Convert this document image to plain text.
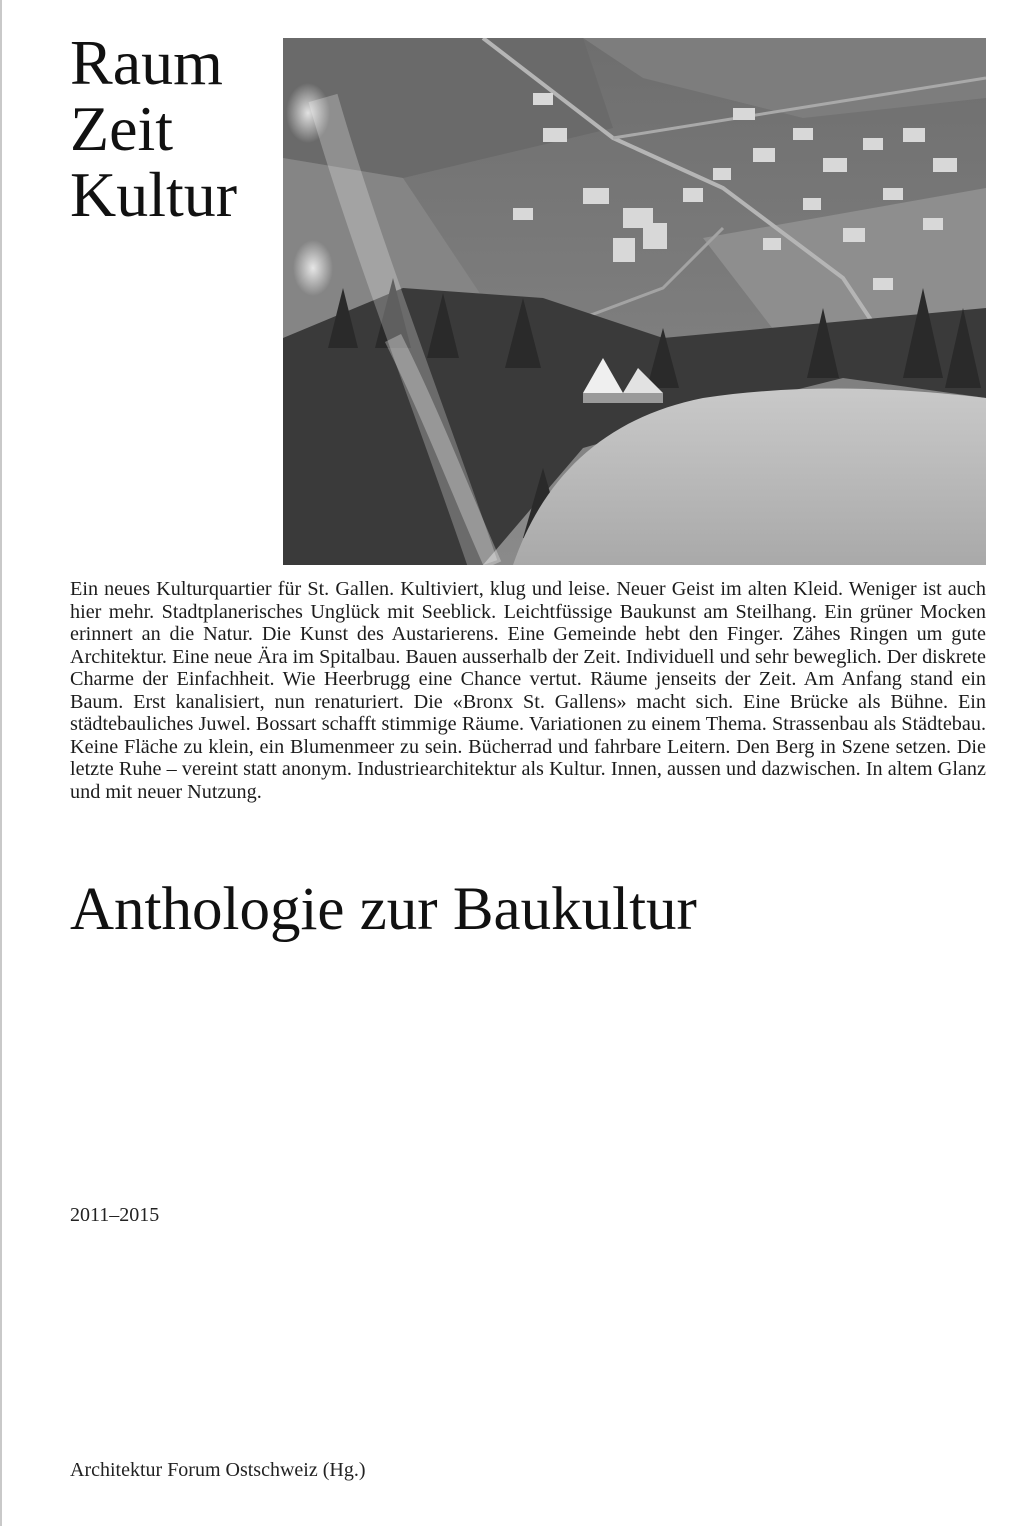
Raum
Zeit
Kultur

Ein neues Kulturquartier für St. Gallen. Kultiviert, klug und leise. Neuer Geist im alten Kleid. Weniger ist auch hier mehr. Stadtplanerisches Unglück mit Seeblick. Leichtfüssige Baukunst am Steilhang. Ein grüner Mocken erinnert an die Natur. Die Kunst des Austarierens. Eine Gemeinde hebt den Finger. Zähes Ringen um gute Architektur. Eine neue Ära im Spitalbau. Bauen ausserhalb der Zeit. Individuell und sehr beweglich. Der diskrete Charme der Einfachheit. Wie Heerbrugg eine Chance vertut. Räume jenseits der Zeit. Am Anfang stand ein Baum. Erst kanalisiert, nun renaturiert. Die «Bronx St. Gallens» macht sich. Eine Brücke als Bühne. Ein städtebauliches Juwel. Bossart schafft stimmige Räume. Variationen zu einem Thema. Strassenbau als Städtebau. Keine Fläche zu klein, ein Blumenmeer zu sein. Bücherrad und fahrbare Leitern. Den Berg in Szene setzen. Die letzte Ruhe – vereint statt anonym. Industriearchitektur als Kultur. Innen, aussen und dazwischen. In altem Glanz und mit neuer Nutzung.

Anthologie zur Baukultur
2011–2015
Architektur Forum Ostschweiz (Hg.)
